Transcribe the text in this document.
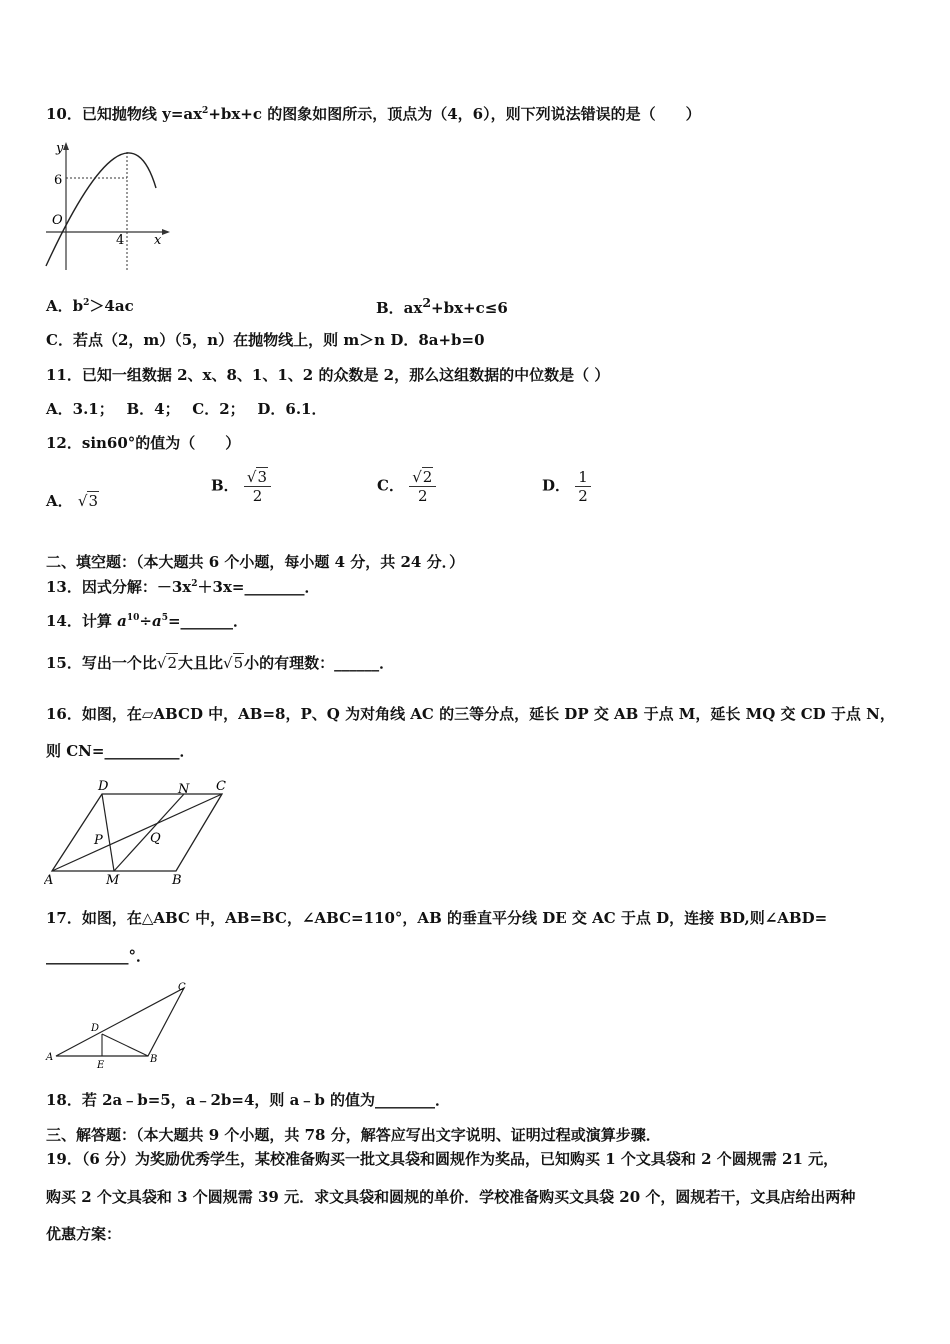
10．已知抛物线 $y=ax^2+bx+c$ 的图象如图所示，顶点为（4，6），则下列说法错误的是（　　）
y
x
O
6
4
A．$b^2>4ac$	B．$ax^2+bx+c\le 6$
C．若点（2，m）（5，n）在抛物线上，则 m＞n D．8a+b=0
11．已知一组数据 2、x、8、1、1、2 的众数是 2，那么这组数据的中位数是（ ）
A．3.1；　 B．4；　 C．2；　 D．6.1．
12．sin60°的值为（　　）
A． √3
B． $\frac{√3}{2}$	C． $\frac{√2}{2}$	D． $\frac{1}{2}$
二、填空题：（本大题共 6 个小题，每小题 4 分，共 24 分．）
13．因式分解：$-3x^2+3x=\_\_\_\_\_\_\_\_$．
14．计算 $a^{10}\div a^5=\_\_\_\_\_\_\_$．
15．写出一个比√2大且比√5小的有理数：______．
16．如图，在▱ABCD 中，AB=8，P、Q 为对角线 AC 的三等分点，延长 DP 交 AB 于点 M，延长 MQ 交 CD 于点 N，
则 CN=__________．
D	N C
P	Q
A	M	B
17．如图，在△ABC 中，AB=BC，∠ABC=110°，AB 的垂直平分线 DE 交 AC 于点 D，连接 BD,则∠ABD=
___________°．
C
D
A
E
B
18．若 2a﹣b=5，a﹣2b=4，则 a﹣b 的值为________．
三、解答题：（本大题共 9 个小题，共 78 分，解答应写出文字说明、证明过程或演算步骤．
19．（6 分）为奖励优秀学生，某校准备购买一批文具袋和圆规作为奖品，已知购买 1 个文具袋和 2 个圆规需 21 元，
购买 2 个文具袋和 3 个圆规需 39 元．求文具袋和圆规的单价．学校准备购买文具袋 20 个，圆规若干，文具店给出两种
优惠方案：
